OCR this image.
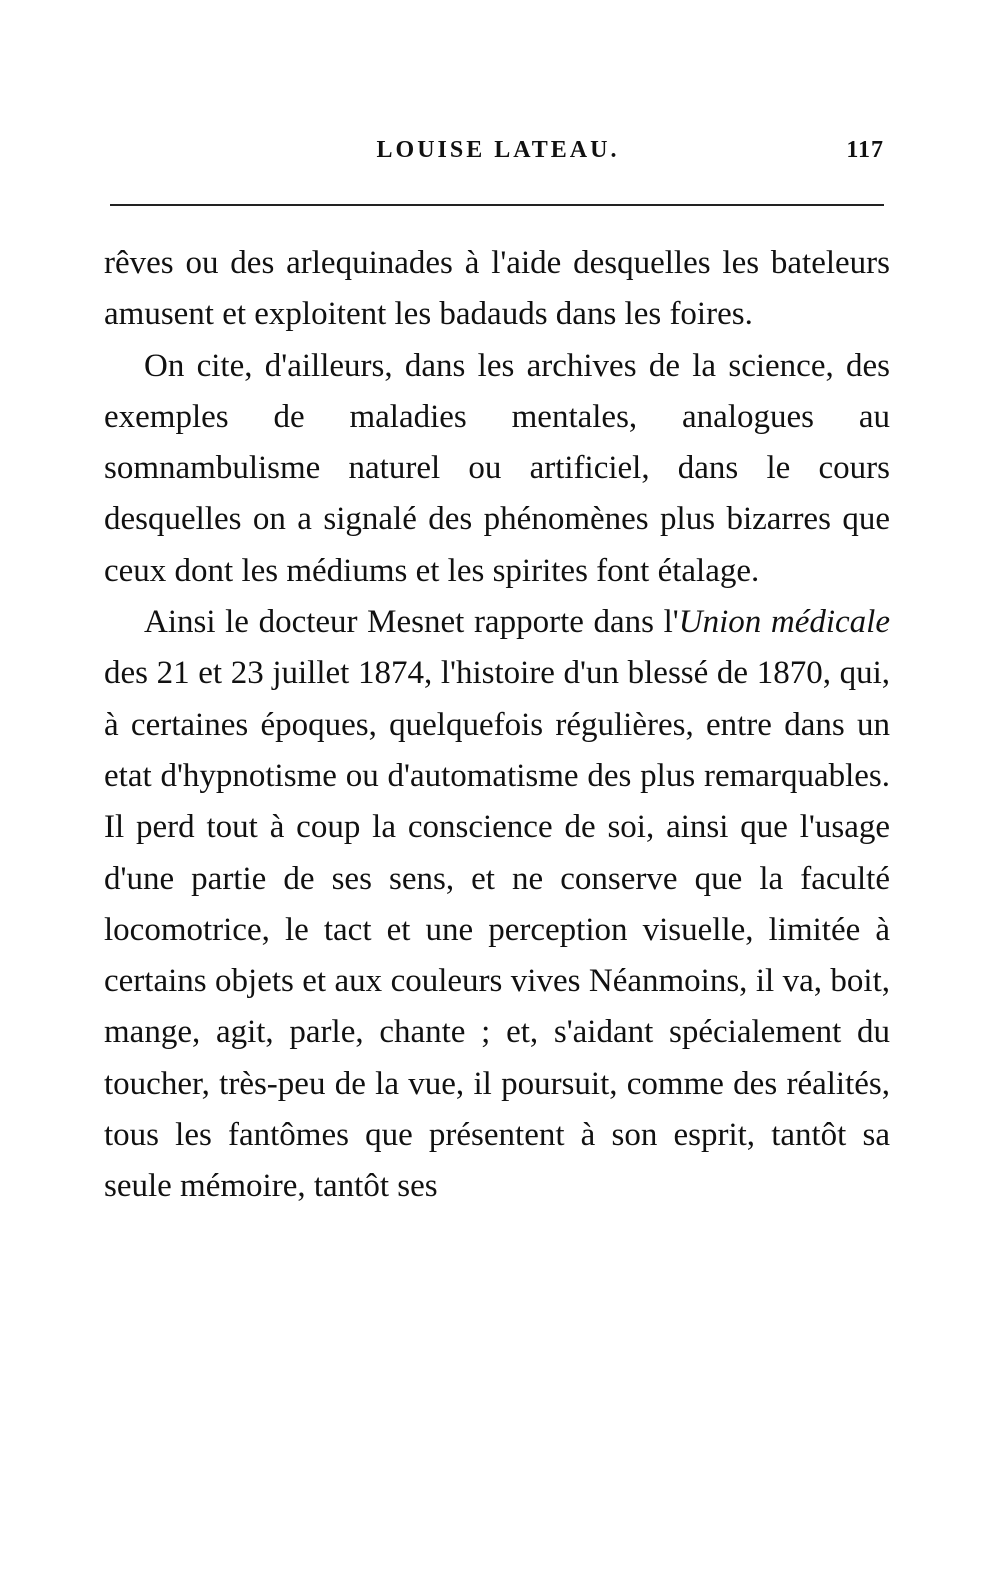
LOUISE LATEAU.	117

rêves ou des arlequinades à l'aide desquelles les bateleurs amusent et exploitent les badauds dans les foires.

On cite, d'ailleurs, dans les archives de la science, des exemples de maladies mentales, analogues au somnambulisme naturel ou artificiel, dans le cours desquelles on a signalé des phénomènes plus bizarres que ceux dont les médiums et les spirites font étalage.

Ainsi le docteur Mesnet rapporte dans l'Union médicale des 21 et 23 juillet 1874, l'histoire d'un blessé de 1870, qui, à certaines époques, quelquefois régulières, entre dans un etat d'hypnotisme ou d'automatisme des plus remarquables. Il perd tout à coup la conscience de soi, ainsi que l'usage d'une partie de ses sens, et ne conserve que la faculté locomotrice, le tact et une perception visuelle, limitée à certains objets et aux couleurs vives Néanmoins, il va, boit, mange, agit, parle, chante ; et, s'aidant spécialement du toucher, très-peu de la vue, il poursuit, comme des réalités, tous les fantômes que présentent à son esprit, tantôt sa seule mémoire, tantôt ses
